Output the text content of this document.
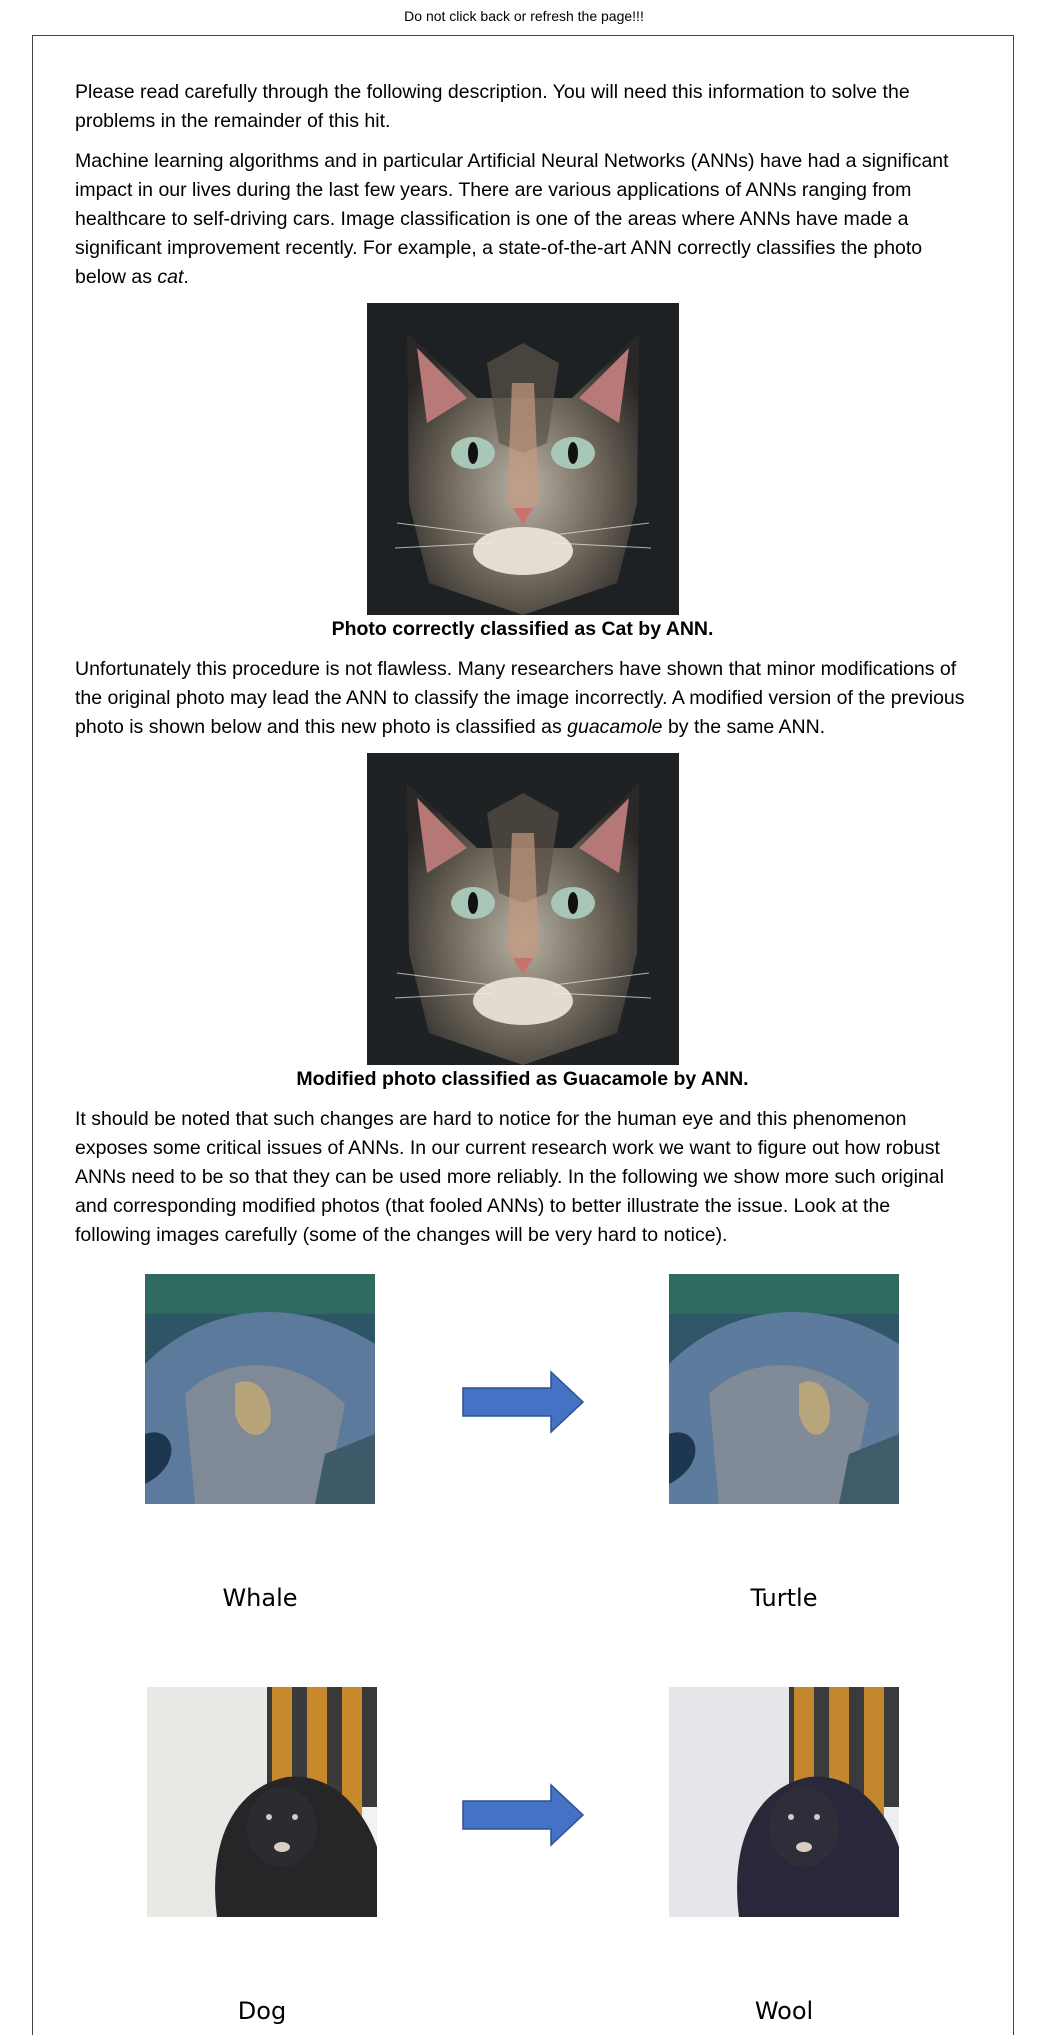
Do not click back or refresh the page!!!

Please read carefully through the following description. You will need this information to solve the problems in the remainder of this hit.

Machine learning algorithms and in particular Artificial Neural Networks (ANNs) have had a significant impact in our lives during the last few years. There are various applications of ANNs ranging from healthcare to self-driving cars. Image classification is one of the areas where ANNs have made a significant improvement recently. For example, a state-of-the-art ANN correctly classifies the photo below as cat.

Photo correctly classified as Cat by ANN.

Unfortunately this procedure is not flawless. Many researchers have shown that minor modifications of the original photo may lead the ANN to classify the image incorrectly. A modified version of the previous photo is shown below and this new photo is classified as guacamole by the same ANN.

Modified photo classified as Guacamole by ANN.

It should be noted that such changes are hard to notice for the human eye and this phenomenon exposes some critical issues of ANNs. In our current research work we want to figure out how robust ANNs need to be so that they can be used more reliably. In the following we show more such original and corresponding modified photos (that fooled ANNs) to better illustrate the issue. Look at the following images carefully (some of the changes will be very hard to notice).

Whale	Turtle
Dog	Wool
